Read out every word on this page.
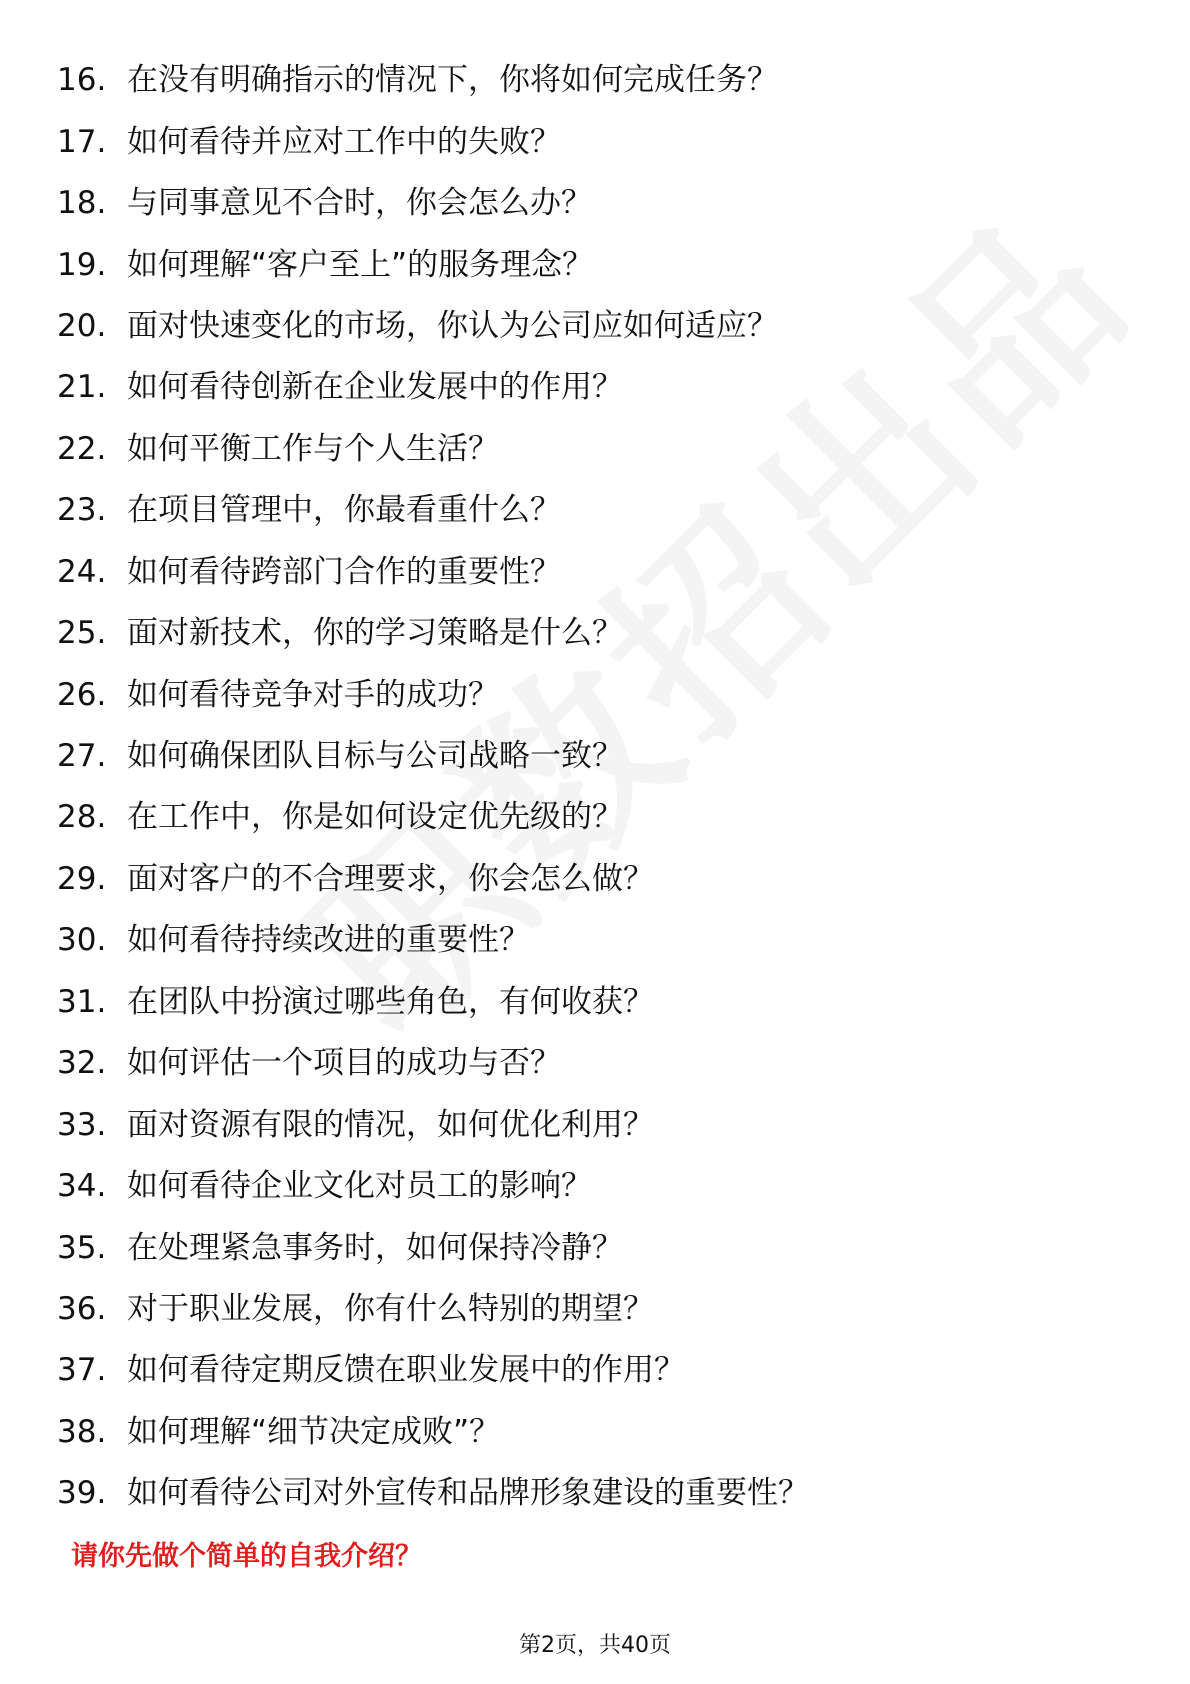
16. 在没有明确指示的情况下，你将如何完成任务？
17. 如何看待并应对工作中的失败？
18. 与同事意见不合时，你会怎么办？
19. 如何理解“客户至上”的服务理念？
20. 面对快速变化的市场，你认为公司应如何适应？
21. 如何看待创新在企业发展中的作用？
22. 如何平衡工作与个人生活？
23. 在项目管理中，你最看重什么？
24. 如何看待跨部门合作的重要性？
25. 面对新技术，你的学习策略是什么？
26. 如何看待竞争对手的成功？
27. 如何确保团队目标与公司战略一致？
28. 在工作中，你是如何设定优先级的？
29. 面对客户的不合理要求，你会怎么做？
30. 如何看待持续改进的重要性？
31. 在团队中扮演过哪些角色，有何收获？
32. 如何评估一个项目的成功与否？
33. 面对资源有限的情况，如何优化利用？
34. 如何看待企业文化对员工的影响？
35. 在处理紧急事务时，如何保持冷静？
36. 对于职业发展，你有什么特别的期望？
37. 如何看待定期反馈在职业发展中的作用？
38. 如何理解“细节决定成败”？
39. 如何看待公司对外宣传和品牌形象建设的重要性？
请你先做个简单的自我介绍？
第2页，共40页
